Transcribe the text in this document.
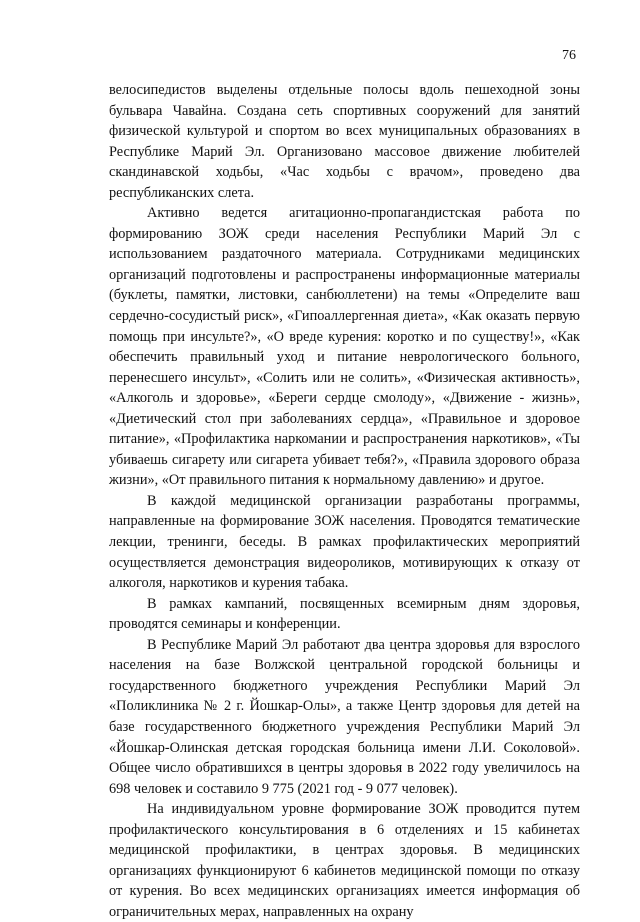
76

велосипедистов выделены отдельные полосы вдоль пешеходной зоны бульвара Чавайна. Создана сеть спортивных сооружений для занятий физической культурой и спортом во всех муниципальных образованиях в Республике Марий Эл. Организовано массовое движение любителей скандинавской ходьбы, «Час ходьбы с врачом», проведено два республиканских слета.

Активно ведется агитационно-пропагандистская работа по формированию ЗОЖ среди населения Республики Марий Эл с использованием раздаточного материала. Сотрудниками медицинских организаций подготовлены и распространены информационные материалы (буклеты, памятки, листовки, санбюллетени) на темы «Определите ваш сердечно-сосудистый риск», «Гипоаллергенная диета», «Как оказать первую помощь при инсульте?», «О вреде курения: коротко и по существу!», «Как обеспечить правильный уход и питание неврологического больного, перенесшего инсульт», «Солить или не солить», «Физическая активность», «Алкоголь и здоровье», «Береги сердце смолоду», «Движение - жизнь», «Диетический стол при заболеваниях сердца», «Правильное и здоровое питание», «Профилактика наркомании и распространения наркотиков», «Ты убиваешь сигарету или сигарета убивает тебя?», «Правила здорового образа жизни», «От правильного питания к нормальному давлению» и другое.

В каждой медицинской организации разработаны программы, направленные на формирование ЗОЖ населения. Проводятся тематические лекции, тренинги, беседы. В рамках профилактических мероприятий осуществляется демонстрация видеороликов, мотивирующих к отказу от алкоголя, наркотиков и курения табака.

В рамках кампаний, посвященных всемирным дням здоровья, проводятся семинары и конференции.

В Республике Марий Эл работают два центра здоровья для взрослого населения на базе Волжской центральной городской больницы и государственного бюджетного учреждения Республики Марий Эл «Поликлиника № 2 г. Йошкар-Олы», а также Центр здоровья для детей на базе государственного бюджетного учреждения Республики Марий Эл «Йошкар-Олинская детская городская больница имени Л.И. Соколовой». Общее число обратившихся в центры здоровья в 2022 году увеличилось на 698 человек и составило 9 775 (2021 год - 9 077 человек).

На индивидуальном уровне формирование ЗОЖ проводится путем профилактического консультирования в 6 отделениях и 15 кабинетах медицинской профилактики, в центрах здоровья. В медицинских организациях функционируют 6 кабинетов медицинской помощи по отказу от курения. Во всех медицинских организациях имеется информация об ограничительных мерах, направленных на охрану
